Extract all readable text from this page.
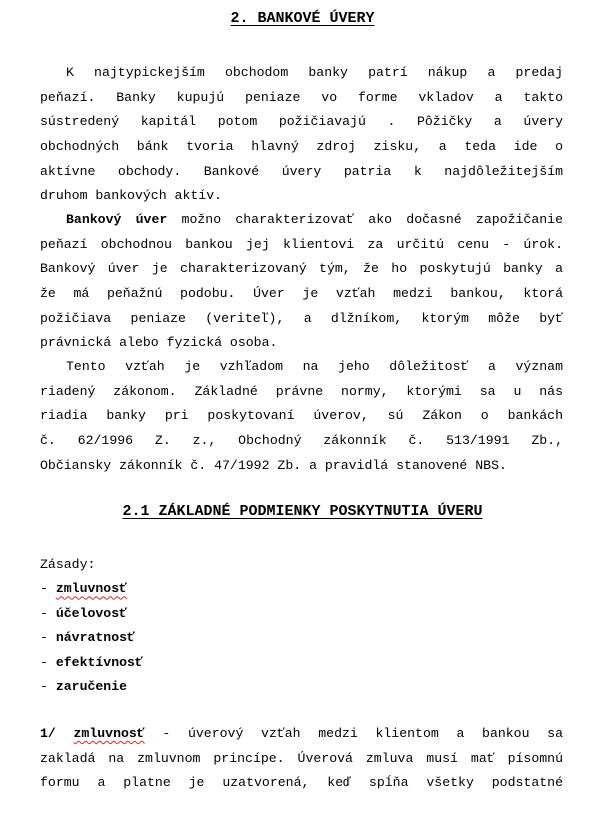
2. BANKOVÉ ÚVERY
K najtypickejším obchodom banky patrí nákup a predaj
peňazí. Banky kupujú peniaze vo forme vkladov a takto
sústredený kapitál potom požičiavajú . Pôžičky a úvery
obchodných bánk tvoria hlavný zdroj zisku, a teda ide o
aktívne obchody. Bankové úvery patria k najdôležitejším
druhom bankových aktív.
Bankový úver možno charakterizovať ako dočasné zapožičanie
peňazí obchodnou bankou jej klientovi za určitú cenu - úrok.
Bankový úver je charakterizovaný tým, že ho poskytujú banky a
že má peňažnú podobu. Úver je vzťah medzi bankou, ktorá
požičiava peniaze (veriteľ), a dlžníkom, ktorým môže byť
právnická alebo fyzická osoba.
Tento vzťah je vzhľadom na jeho dôležitosť a význam
riadený zákonom. Základné právne normy, ktorými sa u nás
riadia banky pri poskytovaní úverov, sú Zákon o bankách
č. 62/1996 Z. z., Obchodný zákonník č. 513/1991 Zb.,
Občiansky zákonník č. 47/1992 Zb. a pravidlá stanovené NBS.
2.1 ZÁKLADNÉ PODMIENKY POSKYTNUTIA ÚVERU
Zásady:
- zmluvnosť
- účelovosť
- návratnosť
- efektívnosť
- zaručenie
1/ zmluvnosť - úverový vzťah medzi klientom a bankou sa
zakladá na zmluvnom princípe. Úverová zmluva musí mať písomnú
formu a platne je uzatvorená, keď spĺňa všetky podstatné
